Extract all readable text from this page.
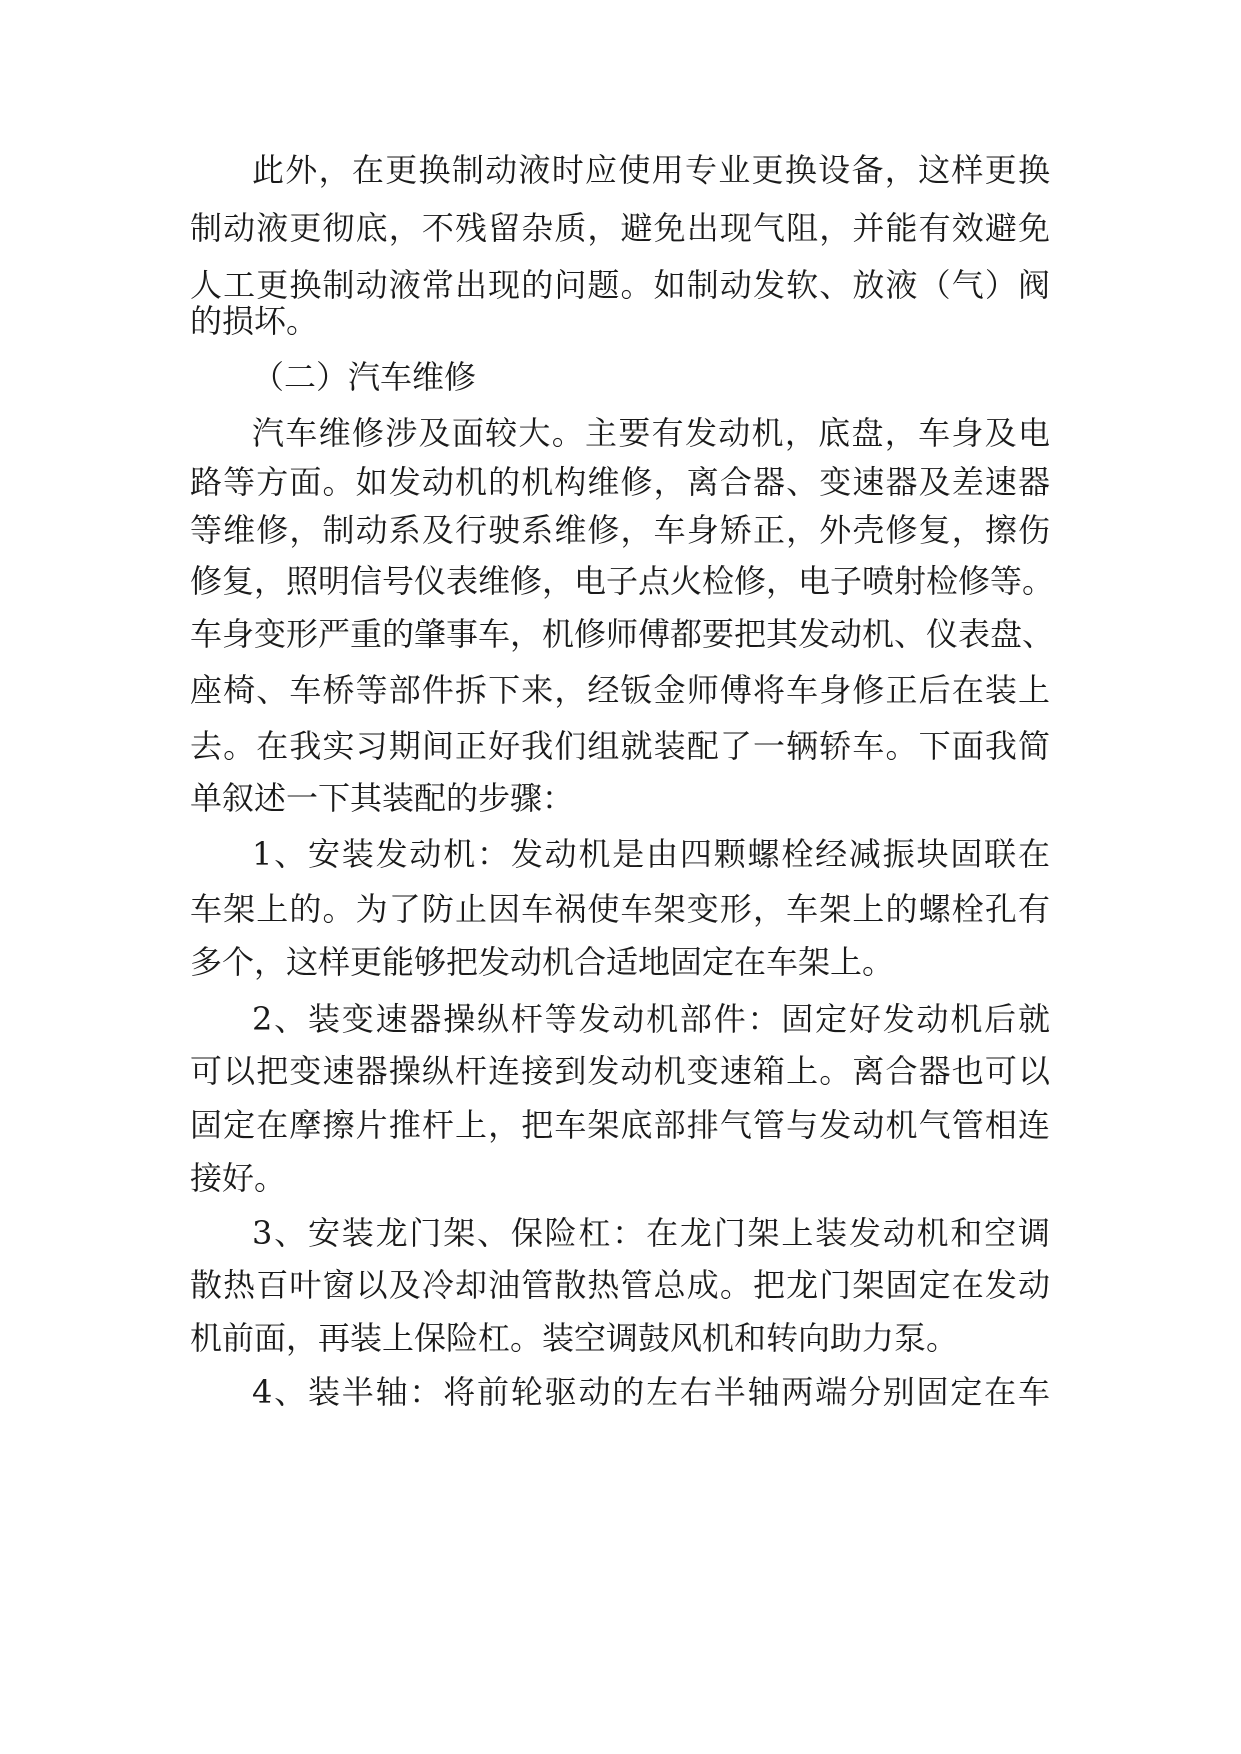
此外，在更换制动液时应使用专业更换设备，这样更换
制动液更彻底，不残留杂质，避免出现气阻，并能有效避免
人工更换制动液常出现的问题。如制动发软、放液（气）阀
的损坏。
（二）汽车维修
汽车维修涉及面较大。主要有发动机，底盘，车身及电
路等方面。如发动机的机构维修，离合器、变速器及差速器
等维修，制动系及行驶系维修，车身矫正，外壳修复，擦伤
修复，照明信号仪表维修，电子点火检修，电子喷射检修等。
车身变形严重的肇事车，机修师傅都要把其发动机、仪表盘、
座椅、车桥等部件拆下来，经钣金师傅将车身修正后在装上
去。在我实习期间正好我们组就装配了一辆轿车。下面我简
单叙述一下其装配的步骤：
1、安装发动机：发动机是由四颗螺栓经减振块固联在
车架上的。为了防止因车祸使车架变形，车架上的螺栓孔有
多个，这样更能够把发动机合适地固定在车架上。
2、装变速器操纵杆等发动机部件：固定好发动机后就
可以把变速器操纵杆连接到发动机变速箱上。离合器也可以
固定在摩擦片推杆上，把车架底部排气管与发动机气管相连
接好。
3、安装龙门架、保险杠：在龙门架上装发动机和空调
散热百叶窗以及冷却油管散热管总成。把龙门架固定在发动
机前面，再装上保险杠。装空调鼓风机和转向助力泵。
4、装半轴：将前轮驱动的左右半轴两端分别固定在车
